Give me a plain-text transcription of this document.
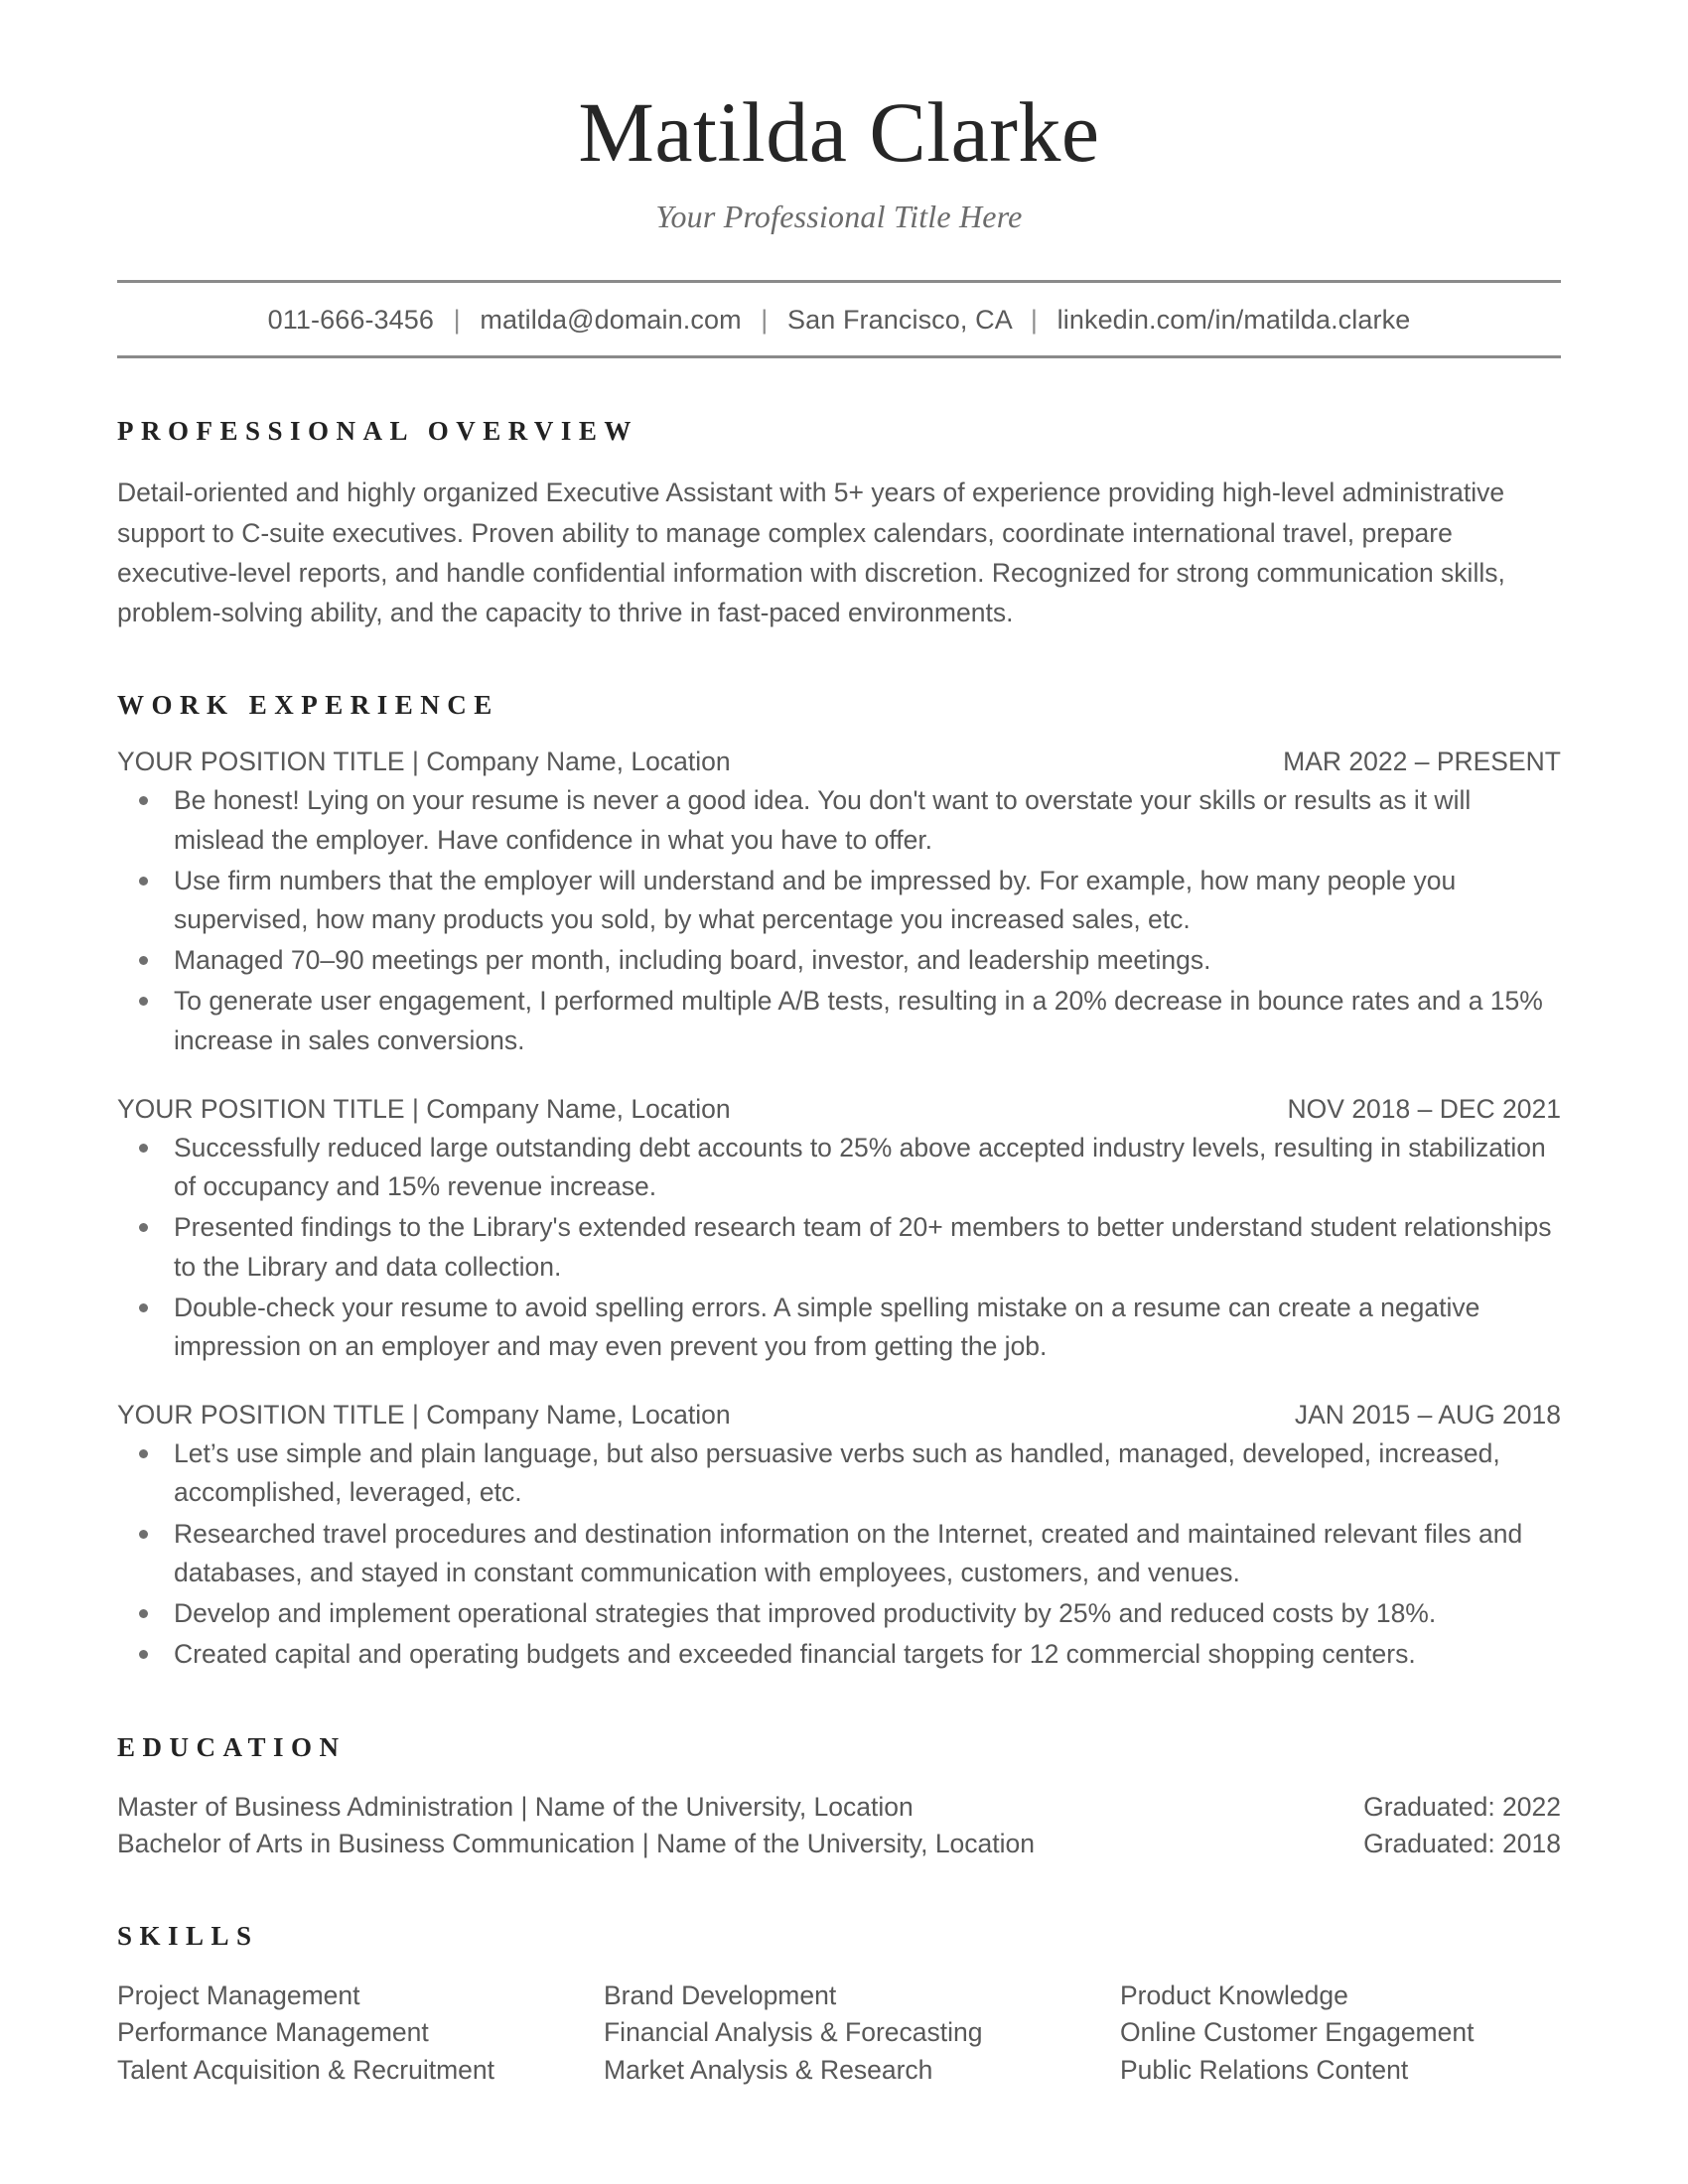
Matilda Clarke
Your Professional Title Here
011-666-3456 | matilda@domain.com | San Francisco, CA | linkedin.com/in/matilda.clarke
PROFESSIONAL OVERVIEW
Detail-oriented and highly organized Executive Assistant with 5+ years of experience providing high-level administrative support to C-suite executives. Proven ability to manage complex calendars, coordinate international travel, prepare executive-level reports, and handle confidential information with discretion. Recognized for strong communication skills, problem-solving ability, and the capacity to thrive in fast-paced environments.
WORK EXPERIENCE
YOUR POSITION TITLE | Company Name, Location	MAR 2022 – PRESENT
Be honest! Lying on your resume is never a good idea. You don't want to overstate your skills or results as it will mislead the employer. Have confidence in what you have to offer.
Use firm numbers that the employer will understand and be impressed by. For example, how many people you supervised, how many products you sold, by what percentage you increased sales, etc.
Managed 70–90 meetings per month, including board, investor, and leadership meetings.
To generate user engagement, I performed multiple A/B tests, resulting in a 20% decrease in bounce rates and a 15% increase in sales conversions.
YOUR POSITION TITLE | Company Name, Location	NOV 2018 – DEC 2021
Successfully reduced large outstanding debt accounts to 25% above accepted industry levels, resulting in stabilization of occupancy and 15% revenue increase.
Presented findings to the Library's extended research team of 20+ members to better understand student relationships to the Library and data collection.
Double-check your resume to avoid spelling errors. A simple spelling mistake on a resume can create a negative impression on an employer and may even prevent you from getting the job.
YOUR POSITION TITLE | Company Name, Location	JAN 2015 – AUG 2018
Let’s use simple and plain language, but also persuasive verbs such as handled, managed, developed, increased, accomplished, leveraged, etc.
Researched travel procedures and destination information on the Internet, created and maintained relevant files and databases, and stayed in constant communication with employees, customers, and venues.
Develop and implement operational strategies that improved productivity by 25% and reduced costs by 18%.
Created capital and operating budgets and exceeded financial targets for 12 commercial shopping centers.
EDUCATION
Master of Business Administration | Name of the University, Location	Graduated: 2022
Bachelor of Arts in Business Communication | Name of the University, Location	Graduated: 2018
SKILLS
Project Management	Brand Development	Product Knowledge
Performance Management	Financial Analysis & Forecasting	Online Customer Engagement
Talent Acquisition & Recruitment	Market Analysis & Research	Public Relations Content
